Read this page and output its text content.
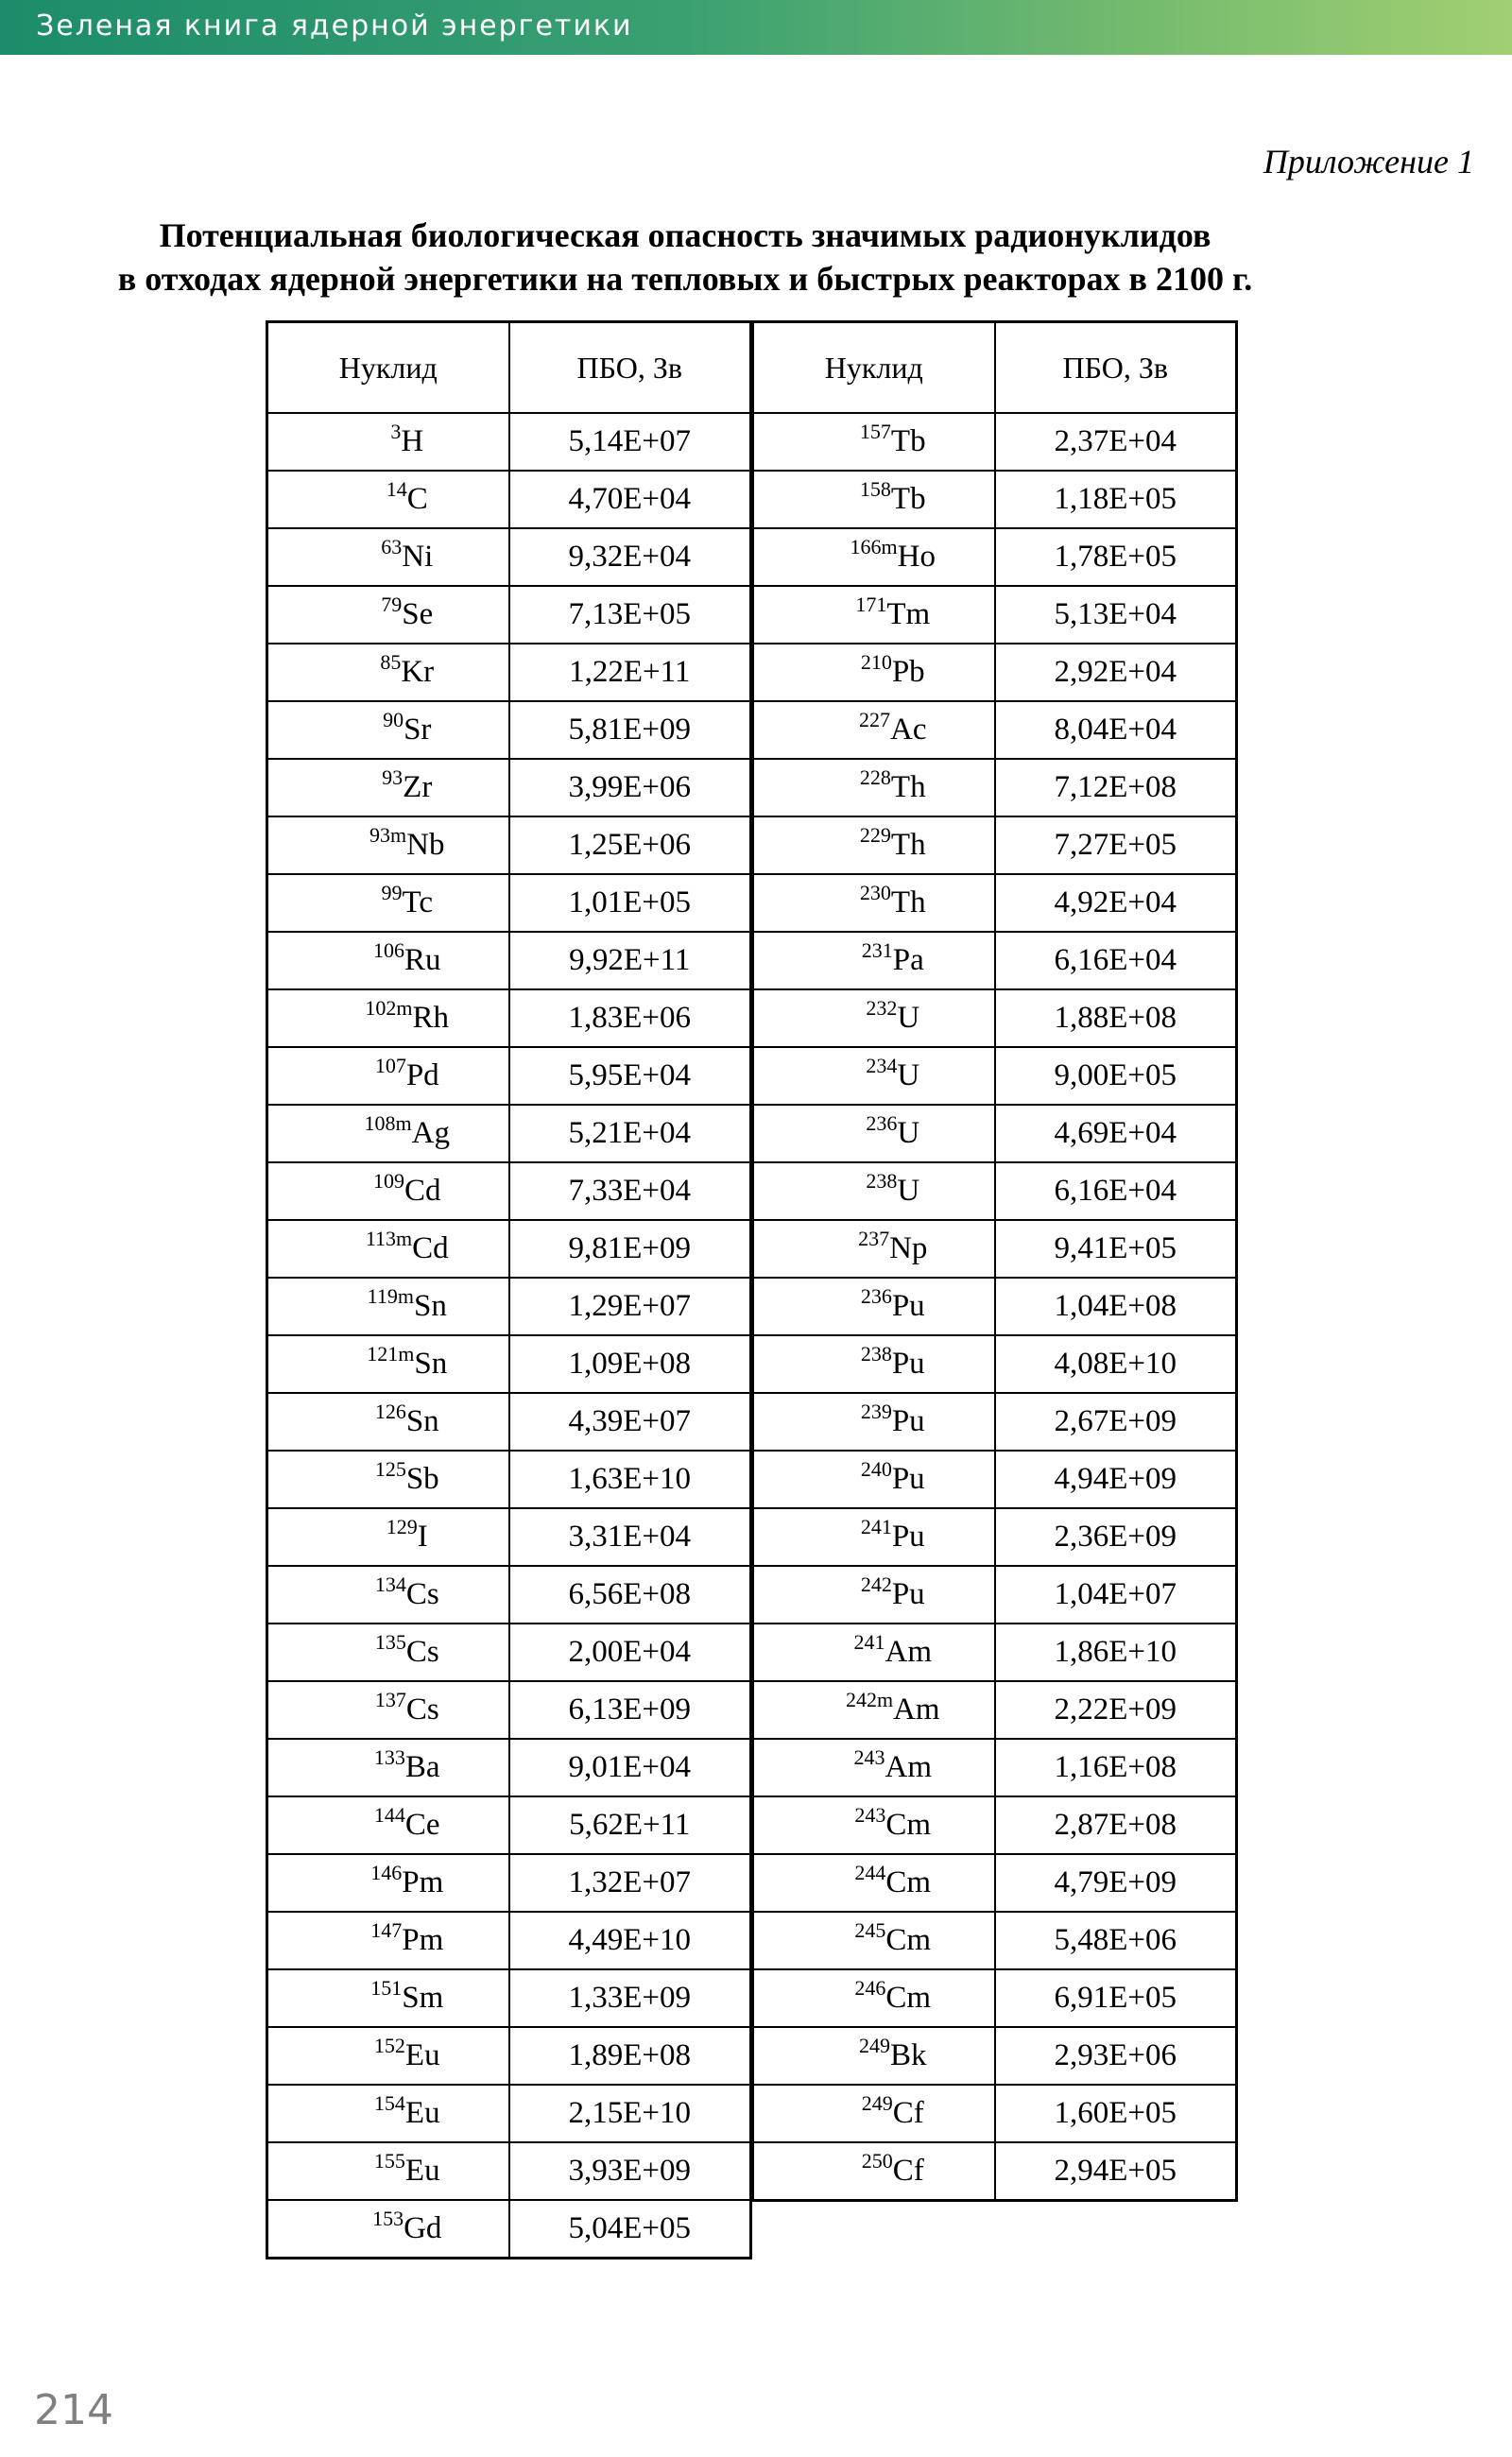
Зеленая книга ядерной энергетики
Приложение 1
Потенциальная биологическая опасность значимых радионуклидов
в отходах ядерной энергетики на тепловых и быстрых реакторах в 2100 г.
Нуклид	ПБО, Зв
$^3$H	5,14E+07
$^{14}$C	4,70E+04
$^{63}$Ni	9,32E+04
$^{79}$Se	7,13E+05
$^{85}$Kr	1,22E+11
$^{90}$Sr	5,81E+09
$^{93}$Zr	3,99E+06
$^{93m}$Nb	1,25E+06
$^{99}$Tc	1,01E+05
$^{106}$Ru	9,92E+11
$^{102m}$Rh	1,83E+06
$^{107}$Pd	5,95E+04
$^{108m}$Ag	5,21E+04
$^{109}$Cd	7,33E+04
$^{113m}$Cd	9,81E+09
$^{119m}$Sn	1,29E+07
$^{121m}$Sn	1,09E+08
$^{126}$Sn	4,39E+07
$^{125}$Sb	1,63E+10
$^{129}$I	3,31E+04
$^{134}$Cs	6,56E+08
$^{135}$Cs	2,00E+04
$^{137}$Cs	6,13E+09
$^{133}$Ba	9,01E+04
$^{144}$Ce	5,62E+11
$^{146}$Pm	1,32E+07
$^{147}$Pm	4,49E+10
$^{151}$Sm	1,33E+09
$^{152}$Eu	1,89E+08
$^{154}$Eu	2,15E+10
$^{155}$Eu	3,93E+09
$^{153}$Gd	5,04E+05
Нуклид	ПБО, Зв
$^{157}$Tb	2,37E+04
$^{158}$Tb	1,18E+05
$^{166m}$Ho	1,78E+05
$^{171}$Tm	5,13E+04
$^{210}$Pb	2,92E+04
$^{227}$Ac	8,04E+04
$^{228}$Th	7,12E+08
$^{229}$Th	7,27E+05
$^{230}$Th	4,92E+04
$^{231}$Pa	6,16E+04
$^{232}$U	1,88E+08
$^{234}$U	9,00E+05
$^{236}$U	4,69E+04
$^{238}$U	6,16E+04
$^{237}$Np	9,41E+05
$^{236}$Pu	1,04E+08
$^{238}$Pu	4,08E+10
$^{239}$Pu	2,67E+09
$^{240}$Pu	4,94E+09
$^{241}$Pu	2,36E+09
$^{242}$Pu	1,04E+07
$^{241}$Am	1,86E+10
$^{242m}$Am	2,22E+09
$^{243}$Am	1,16E+08
$^{243}$Cm	2,87E+08
$^{244}$Cm	4,79E+09
$^{245}$Cm	5,48E+06
$^{246}$Cm	6,91E+05
$^{249}$Bk	2,93E+06
$^{249}$Cf	1,60E+05
$^{250}$Cf	2,94E+05
214
